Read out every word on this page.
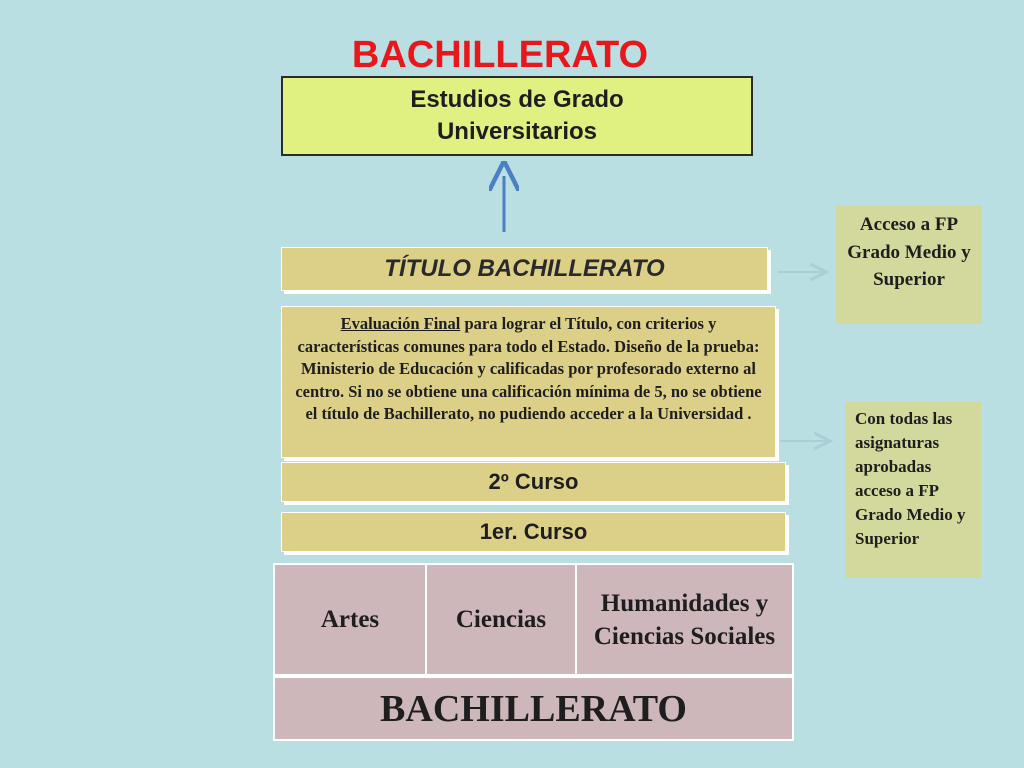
BACHILLERATO
Estudios de Grado
Universitarios
TÍTULO BACHILLERATO
Evaluación Final para lograr el Título, con criterios y características comunes para todo el Estado. Diseño de la prueba: Ministerio de Educación y calificadas por profesorado externo al centro. Si no se obtiene una calificación mínima de 5, no se obtiene el título de Bachillerato, no pudiendo acceder a la Universidad .
2º Curso
1er. Curso
Artes	Ciencias
Humanidades y Ciencias Sociales
BACHILLERATO
Acceso a FP Grado Medio y Superior
Con todas las asignaturas aprobadas acceso a FP Grado Medio y Superior
